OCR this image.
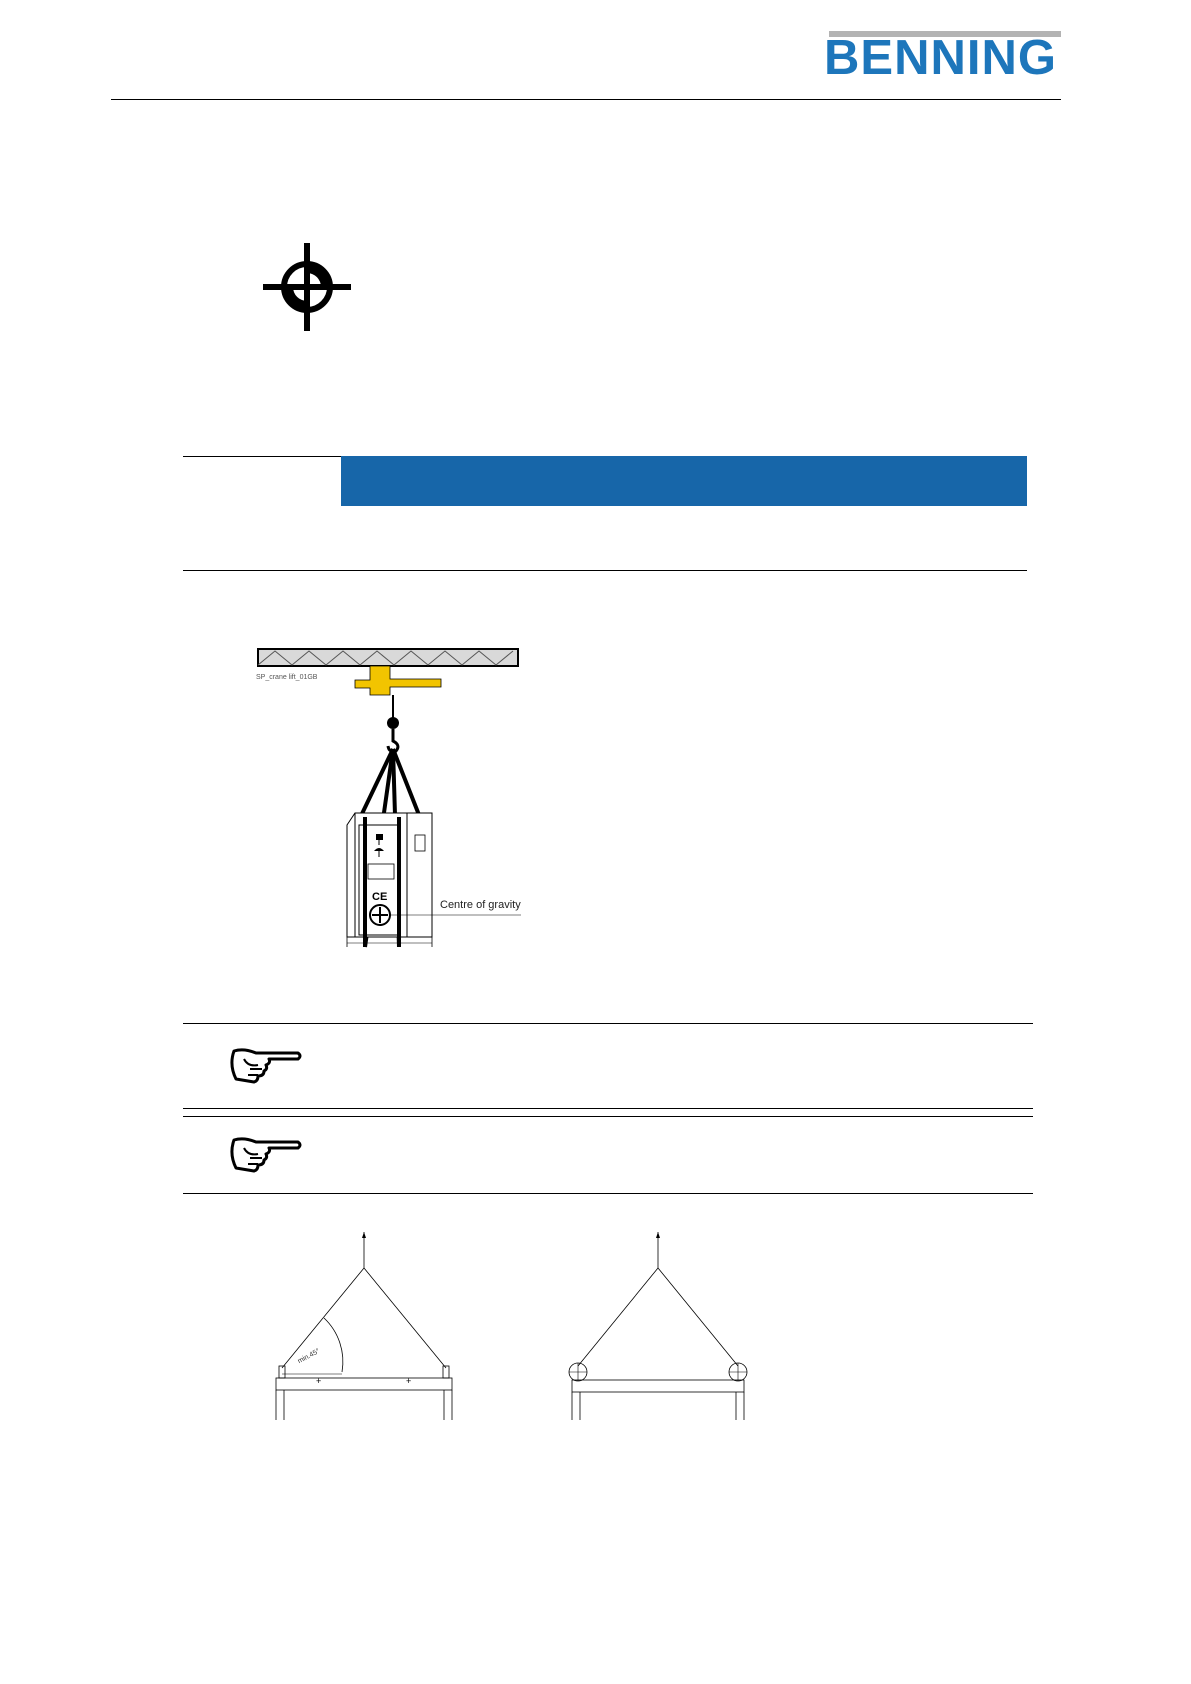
BENNING
CE
SP_crane lift_01GB
Centre of gravity
+	+
min.45°
